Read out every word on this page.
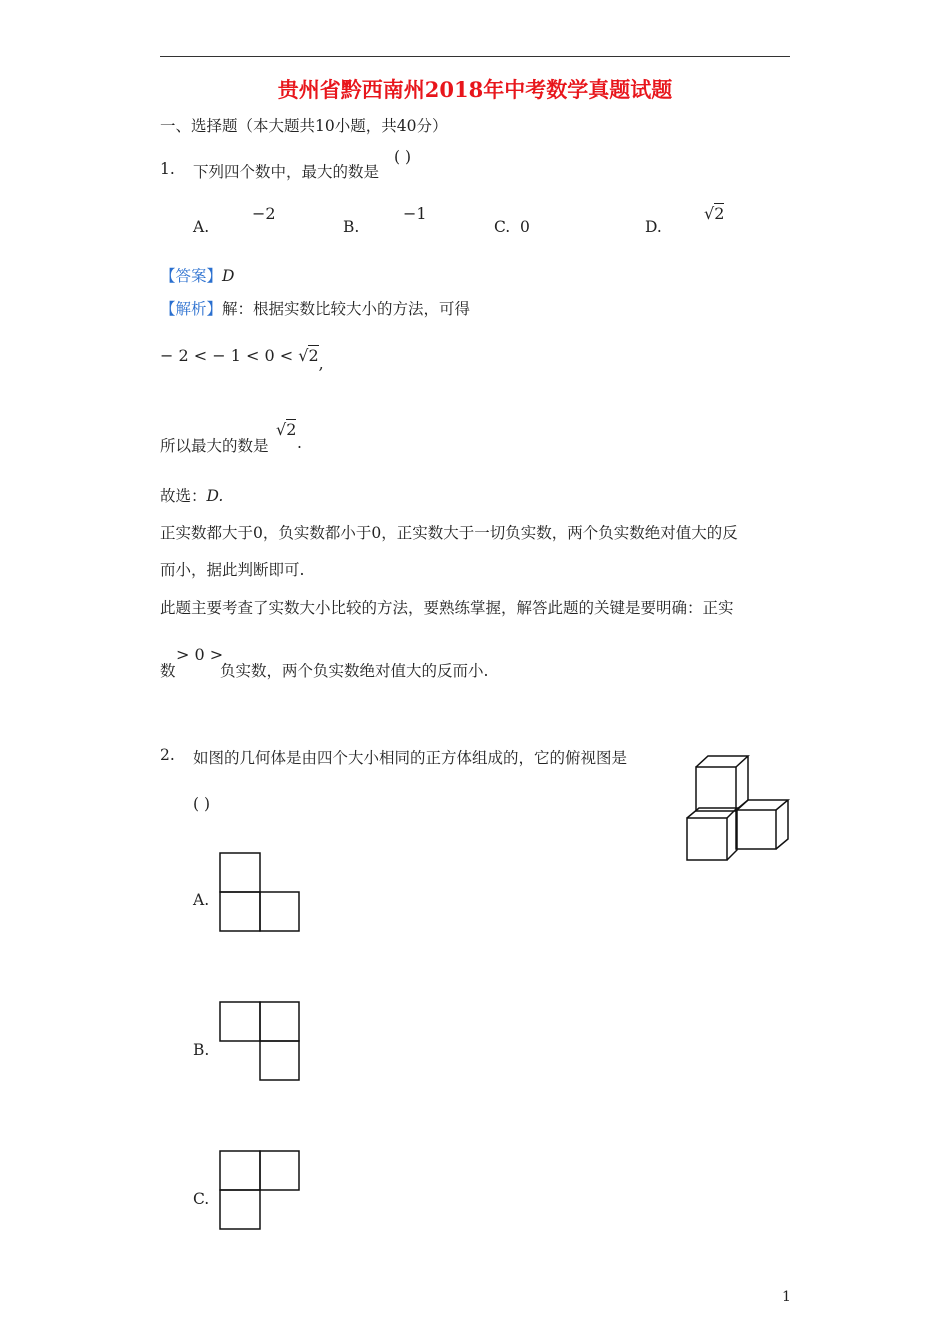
贵州省黔西南州2018年中考数学真题试题
一、选择题（本大题共10小题，共40分）
1. 下列四个数中，最大的数是
( )
A.
−2
B.
−1
C. 0	D.
√2
【答案】D
【解析】解：根据实数比较大小的方法，可得
− 2 < − 1 < 0 < √2,
所以最大的数是
√2
.
故选：D.
正实数都大于0，负实数都小于0，正实数大于一切负实数，两个负实数绝对值大的反
而小，据此判断即可.
此题主要考查了实数大小比较的方法，要熟练掌握，解答此题的关键是要明确：正实
数
> 0 >
负实数，两个负实数绝对值大的反而小.
2. 如图的几何体是由四个大小相同的正方体组成的，它的俯视图是
( )
A.
B.
C.
1
